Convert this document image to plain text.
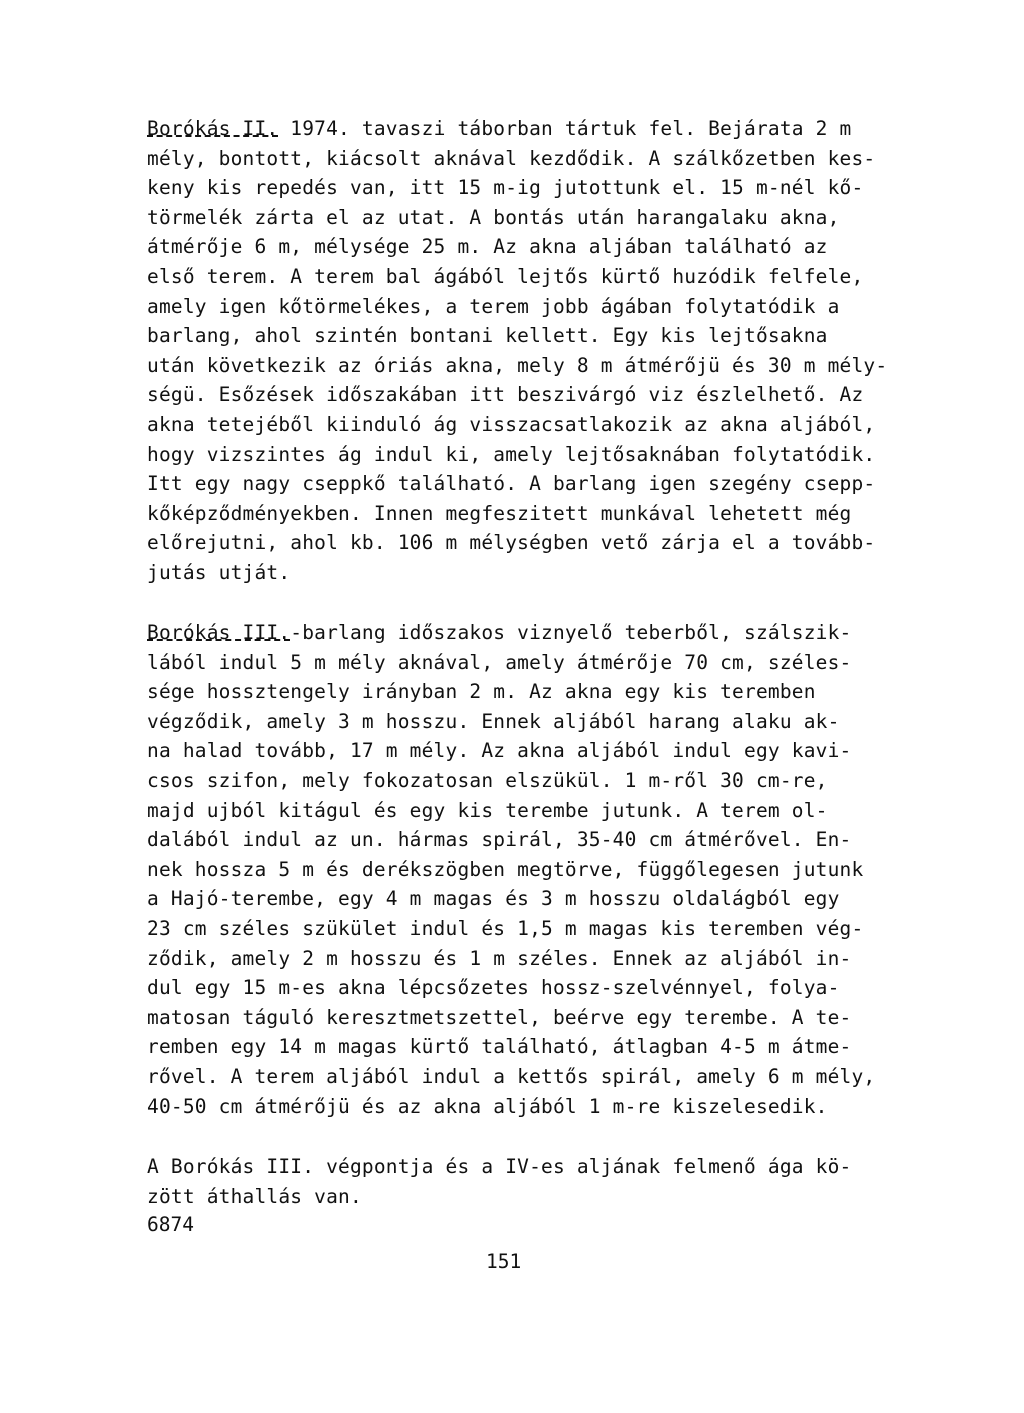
Borókás II. 1974. tavaszi táborban tártuk fel. Bejárata 2 m
mély, bontott, kiácsolt aknával kezdődik. A szálkőzetben kes-
keny kis repedés van, itt 15 m-ig jutottunk el. 15 m-nél kő-
törmelék zárta el az utat. A bontás után harangalaku akna,
átmérője 6 m, mélysége 25 m. Az akna aljában található az
első terem. A terem bal ágából lejtős kürtő huzódik felfele,
amely igen kőtörmelékes, a terem jobb ágában folytatódik a
barlang, ahol szintén bontani kellett. Egy kis lejtősakna
után következik az óriás akna, mely 8 m átmérőjü és 30 m mély-
ségü. Esőzések időszakában itt beszivárgó viz észlelhető. Az
akna tetejéből kiinduló ág visszacsatlakozik az akna aljából,
hogy vizszintes ág indul ki, amely lejtősaknában folytatódik.
Itt egy nagy cseppkő található. A barlang igen szegény csepp-
kőképződményekben. Innen megfeszitett munkával lehetett még
előrejutni, ahol kb. 106 m mélységben vető zárja el a tovább-
jutás utját.
Borókás III.-barlang időszakos viznyelő teberből, szálszik-
lából indul 5 m mély aknával, amely átmérője 70 cm, széles-
sége hossztengely irányban 2 m. Az akna egy kis teremben
végződik, amely 3 m hosszu. Ennek aljából harang alaku ak-
na halad tovább, 17 m mély. Az akna aljából indul egy kavi-
csos szifon, mely fokozatosan elszükül. 1 m-ről 30 cm-re,
majd ujból kitágul és egy kis terembe jutunk. A terem ol-
dalából indul az un. hármas spirál, 35-40 cm átmérővel. En-
nek hossza 5 m és derékszögben megtörve, függőlegesen jutunk
a Hajó-terembe, egy 4 m magas és 3 m hosszu oldalágból egy
23 cm széles szükület indul és 1,5 m magas kis teremben vég-
ződik, amely 2 m hosszu és 1 m széles. Ennek az aljából in-
dul egy 15 m-es akna lépcsőzetes hossz-szelvénnyel, folya-
matosan táguló keresztmetszettel, beérve egy terembe. A te-
remben egy 14 m magas kürtő található, átlagban 4-5 m átme-
rővel. A terem aljából indul a kettős spirál, amely 6 m mély,
40-50 cm átmérőjü és az akna aljából 1 m-re kiszelesedik.
A Borókás III. végpontja és a IV-es aljának felmenő ága kö-
zött áthallás van.
6874
151
